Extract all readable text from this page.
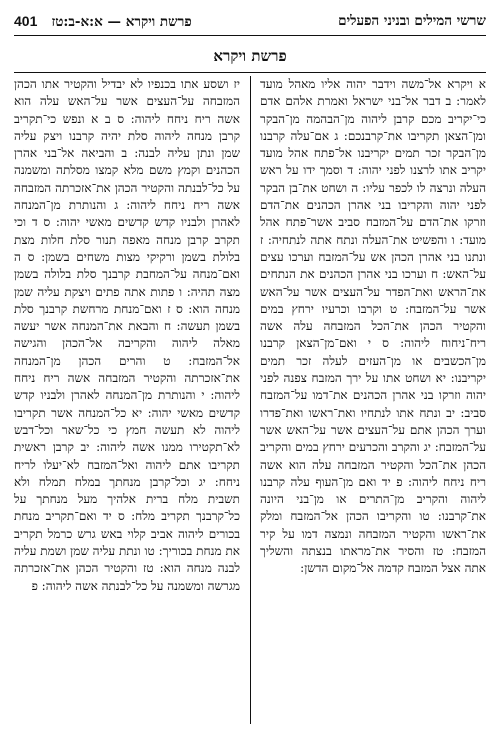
שרשי המילים ובניני הפעלים
פרשת ויקרא — א:א-ב:טז   401
פרשת ויקרא

א ויקרא אל־משה וידבר יהוה אליו מאהל מועד לאמר: ב דבר אל־בני ישראל ואמרת אלהם אדם כי־יקריב מכם קרבן ליהוה מן־הבהמה מן־הבקר ומן־הצאן תקריבו את־קרבנכם: ג אם־עלה קרבנו מן־הבקר זכר תמים יקריבנו אל־פתח אהל מועד יקריב אתו לרצנו לפני יהוה: ד וסמך ידו על ראש העלה ונרצה לו לכפר עליו: ה ושחט את־בן הבקר לפני יהוה והקריבו בני אהרן הכהנים את־הדם וזרקו את־הדם על־המזבח סביב אשר־פתח אהל מועד: ו והפשיט את־העלה ונתח אתה לנתחיה: ז ונתנו בני אהרן הכהן אש על־המזבח וערכו עצים על־האש: ח וערכו בני אהרן הכהנים את הנתחים את־הראש ואת־הפדר על־העצים אשר על־האש אשר על־המזבח: ט וקרבו וכרעיו ירחץ במים והקטיר הכהן את־הכל המזבחה עלה אשה ריח־ניחוח ליהוה: ס י ואם־מן־הצאן קרבנו מן־הכשבים או מן־העזים לעלה זכר תמים יקריבנו: יא ושחט אתו על ירך המזבח צפנה לפני יהוה וזרקו בני אהרן הכהנים את־דמו על־המזבח סביב: יב ונתח אתו לנתחיו ואת־ראשו ואת־פדרו וערך הכהן אתם על־העצים אשר על־האש אשר על־המזבח: יג והקרב והכרעים ירחץ במים והקריב הכהן את־הכל והקטיר המזבחה עלה הוא אשה ריח ניחח ליהוה: פ יד ואם מן־העוף עלה קרבנו ליהוה והקריב מן־התרים או מן־בני היונה את־קרבנו: טו והקריבו הכהן אל־המזבח ומלק את־ראשו והקטיר המזבחה ונמצה דמו על קיר המזבח: טז והסיר את־מראתו בנצתה והשליך אתה אצל המזבח קדמה אל־מקום הדשן:

יז ושסע אתו בכנפיו לא יבדיל והקטיר אתו הכהן המזבחה על־העצים אשר על־האש עלה הוא אשה ריח ניחח ליהוה: ס ב א ונפש כי־תקריב קרבן מנחה ליהוה סלת יהיה קרבנו ויצק עליה שמן ונתן עליה לבנה: ב והביאה אל־בני אהרן הכהנים וקמץ משם מלא קמצו מסלתה ומשמנה על כל־לבנתה והקטיר הכהן את־אזכרתה המזבחה אשה ריח ניחח ליהוה: ג והנותרת מן־המנחה לאהרן ולבניו קדש קדשים מאשי יהוה: ס ד וכי תקרב קרבן מנחה מאפה תנור סלת חלות מצת בלולת בשמן ורקיקי מצות משחים בשמן: ס ה ואם־מנחה על־המחבת קרבנך סלת בלולה בשמן מצה תהיה: ו פתות אתה פתים ויצקת עליה שמן מנחה הוא: ס ז ואם־מנחת מרחשת קרבנך סלת בשמן תעשה: ח והבאת את־המנחה אשר יעשה מאלה ליהוה והקריבה אל־הכהן והגישה אל־המזבח: ט והרים הכהן מן־המנחה את־אזכרתה והקטיר המזבחה אשה ריח ניחח ליהוה: י והנותרת מן־המנחה לאהרן ולבניו קדש קדשים מאשי יהוה: יא כל־המנחה אשר תקריבו ליהוה לא תעשה חמץ כי כל־שאר וכל־דבש לא־תקטירו ממנו אשה ליהוה: יב קרבן ראשית תקריבו אתם ליהוה ואל־המזבח לא־יעלו לריח ניחח: יג וכל־קרבן מנחתך במלח תמלח ולא תשבית מלח ברית אלהיך מעל מנחתך על כל־קרבנך תקריב מלח: ס יד ואם־תקריב מנחת בכורים ליהוה אביב קלוי באש גרש כרמל תקריב את מנחת בכוריך: טו ונתת עליה שמן ושמת עליה לבנה מנחה הוא: טז והקטיר הכהן את־אזכרתה מגרשה ומשמנה על כל־לבנתה אשה ליהוה: פ
